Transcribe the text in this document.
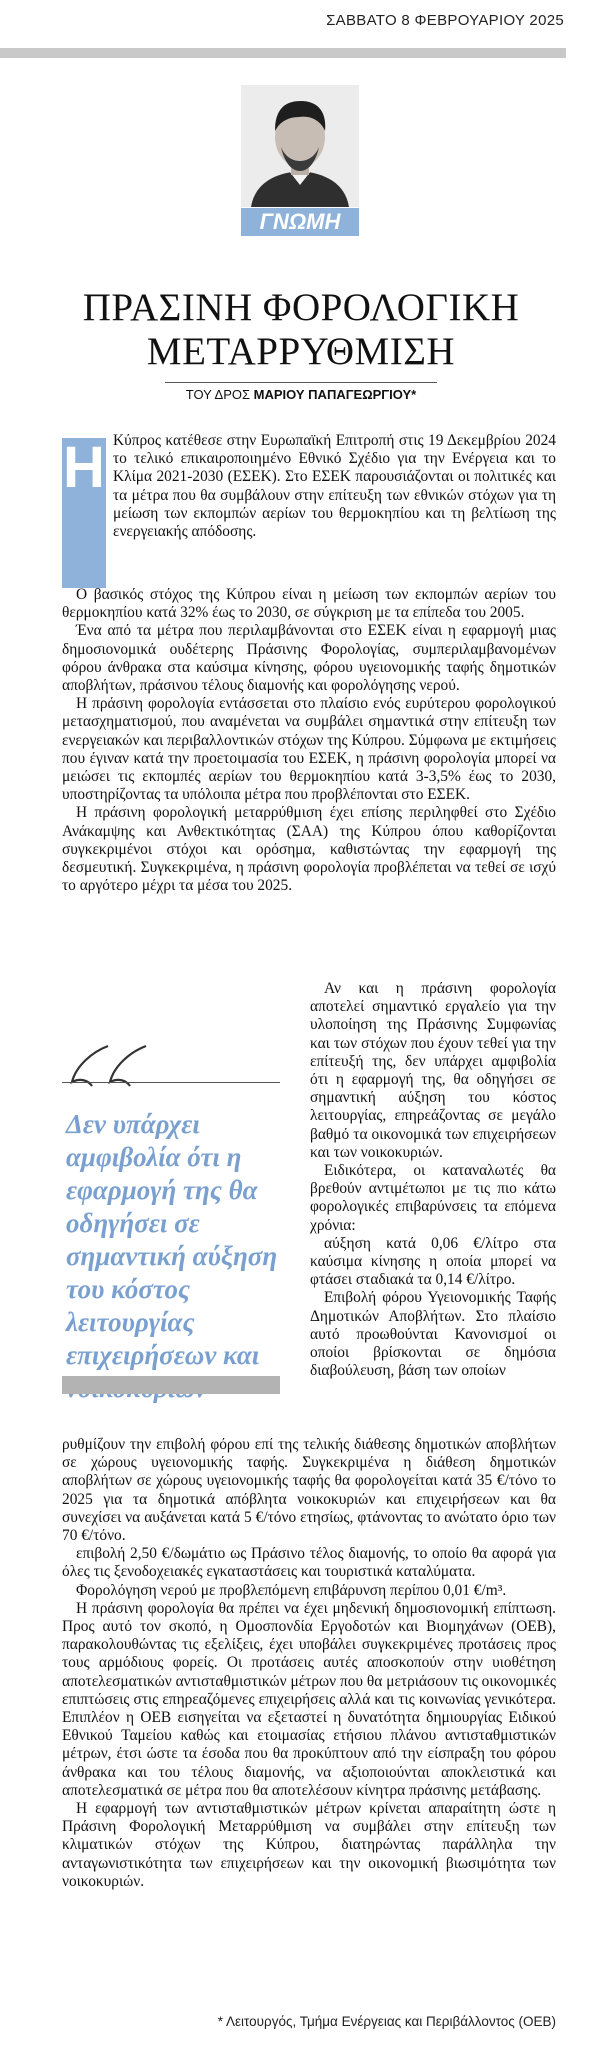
ΣΑΒΒΑΤΟ 8 ΦΕΒΡΟΥΑΡΙΟΥ 2025
ΓΝΩΜΗ
ΠΡΑΣΙΝΗ ΦΟΡΟΛΟΓΙΚΗ
ΜΕΤΑΡΡΥΘΜΙΣΗ
ΤΟΥ ΔΡΟΣ ΜΑΡΙΟΥ ΠΑΠΑΓΕΩΡΓΙΟΥ*
Η Κύπρος κατέθεσε στην Ευρωπαϊκή Επιτροπή στις 19 Δεκεμβρίου 2024 το τελικό επικαιροποιημένο Εθνικό Σχέδιο για την Ενέργεια και το Κλίμα 2021-2030 (ΕΣΕΚ). Στο ΕΣΕΚ παρουσιάζονται οι πολιτικές και τα μέτρα που θα συμβάλουν στην επίτευξη των εθνικών στόχων για τη μείωση των εκπομπών αερίων του θερμοκηπίου και τη βελτίωση της ενεργειακής απόδοσης.

Ο βασικός στόχος της Κύπρου είναι η μείωση των εκπομπών αερίων του θερμοκηπίου κατά 32% έως το 2030, σε σύγκριση με τα επίπεδα του 2005.

Ένα από τα μέτρα που περιλαμβάνονται στο ΕΣΕΚ είναι η εφαρμογή μιας δημοσιονομικά ουδέτερης Πράσινης Φορολογίας, συμπεριλαμβανομένων φόρου άνθρακα στα καύσιμα κίνησης, φόρου υγειονομικής ταφής δημοτικών αποβλήτων, πράσινου τέλους διαμονής και φορολόγησης νερού.

Η πράσινη φορολογία εντάσσεται στο πλαίσιο ενός ευρύτερου φορολογικού μετασχηματισμού, που αναμένεται να συμβάλει σημαντικά στην επίτευξη των ενεργειακών και περιβαλλοντικών στόχων της Κύπρου. Σύμφωνα με εκτιμήσεις που έγιναν κατά την προετοιμασία του ΕΣΕΚ, η πράσινη φορολογία μπορεί να μειώσει τις εκπομπές αερίων του θερμοκηπίου κατά 3-3,5% έως το 2030, υποστηρίζοντας τα υπόλοιπα μέτρα που προβλέπονται στο ΕΣΕΚ.

Η πράσινη φορολογική μεταρρύθμιση έχει επίσης περιληφθεί στο Σχέδιο Ανάκαμψης και Ανθεκτικότητας (ΣΑΑ) της Κύπρου όπου καθορίζονται συγκεκριμένοι στόχοι και ορόσημα, καθιστώντας την εφαρμογή της δεσμευτική. Συγκεκριμένα, η πράσινη φορολογία προβλέπεται να τεθεί σε ισχύ το αργότερο μέχρι τα μέσα του 2025.

Δεν υπάρχει αμφιβολία ότι η εφαρμογή της θα οδηγήσει σε σημαντική αύξηση του κόστος λειτουργίας επιχειρήσεων και

Αν και η πράσινη φορολογία αποτελεί σημαντικό εργαλείο για την υλοποίηση της Πράσινης Συμφωνίας και των στόχων που έχουν τεθεί για την επίτευξή της, δεν υπάρχει αμφιβολία ότι η εφαρμογή της, θα οδηγήσει σε σημαντική αύξηση του κόστος λειτουργίας, επηρεάζοντας σε μεγάλο βαθμό τα οικονομικά των επιχειρήσεων και των νοικοκυριών.

Ειδικότερα, οι καταναλωτές θα βρεθούν αντιμέτωποι με τις πιο κάτω φορολογικές επιβαρύνσεις τα επόμενα χρόνια:

αύξηση κατά 0,06 €/λίτρο στα καύσιμα κίνησης η οποία μπορεί να φτάσει σταδιακά τα 0,14 €/λίτρο.

Επιβολή φόρου Υγειονομικής Ταφής Δημοτικών Αποβλήτων. Στο πλαίσιο αυτό προωθούνται Κανονισμοί οι οποίοι βρίσκονται σε δημόσια διαβούλευση, βάση των οποίων

ρυθμίζουν την επιβολή φόρου επί της τελικής διάθεσης δημοτικών αποβλήτων σε χώρους υγειονομικής ταφής. Συγκεκριμένα η διάθεση δημοτικών αποβλήτων σε χώρους υγειονομικής ταφής θα φορολογείται κατά 35 €/τόνο το 2025 για τα δημοτικά απόβλητα νοικοκυριών και επιχειρήσεων και θα συνεχίσει να αυξάνεται κατά 5 €/τόνο ετησίως, φτάνοντας το ανώτατο όριο των 70 €/τόνο.

επιβολή 2,50 €/δωμάτιο ως Πράσινο τέλος διαμονής, το οποίο θα αφορά για όλες τις ξενοδοχειακές εγκαταστάσεις και τουριστικά καταλύματα.

Φορολόγηση νερού με προβλεπόμενη επιβάρυνση περίπου 0,01 €/m³.

Η πράσινη φορολογία θα πρέπει να έχει μηδενική δημοσιονομική επίπτωση. Προς αυτό τον σκοπό, η Ομοσπονδία Εργοδοτών και Βιομηχάνων (ΟΕΒ), παρακολουθώντας τις εξελίξεις, έχει υποβάλει συγκεκριμένες προτάσεις προς τους αρμόδιους φορείς. Οι προτάσεις αυτές αποσκοπούν στην υιοθέτηση αποτελεσματικών αντισταθμιστικών μέτρων που θα μετριάσουν τις οικονομικές επιπτώσεις στις επηρεαζόμενες επιχειρήσεις αλλά και τις κοινωνίας γενικότερα. Επιπλέον η ΟΕΒ εισηγείται να εξεταστεί η δυνατότητα δημιουργίας Ειδικού Εθνικού Ταμείου καθώς και ετοιμασίας ετήσιου πλάνου αντισταθμιστικών μέτρων, έτσι ώστε τα έσοδα που θα προκύπτουν από την είσπραξη του φόρου άνθρακα και του τέλους διαμονής, να αξιοποιούνται αποκλειστικά και αποτελεσματικά σε μέτρα που θα αποτελέσουν κίνητρα πράσινης μετάβασης.

Η εφαρμογή των αντισταθμιστικών μέτρων κρίνεται απαραίτητη ώστε η Πράσινη Φορολογική Μεταρρύθμιση να συμβάλει στην επίτευξη των κλιματικών στόχων της Κύπρου, διατηρώντας παράλληλα την ανταγωνιστικότητα των επιχειρήσεων και την οικονομική βιωσιμότητα των νοικοκυριών.

* Λειτουργός, Τμήμα Ενέργειας και Περιβάλλοντος (ΟΕΒ)
